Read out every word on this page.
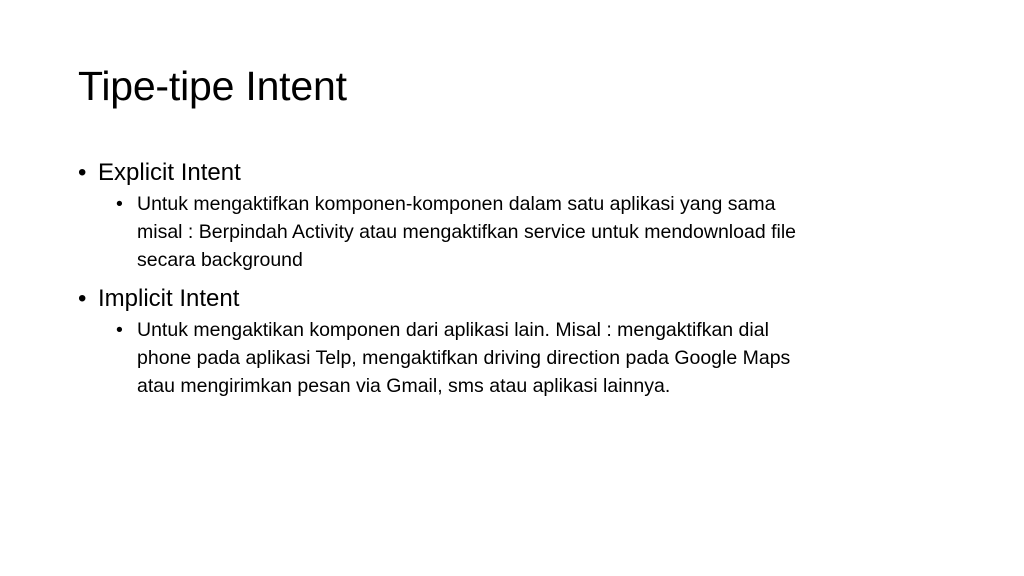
Tipe-tipe Intent
• Explicit Intent
• Untuk mengaktifkan komponen-komponen dalam satu aplikasi yang sama
misal : Berpindah Activity atau mengaktifkan service untuk mendownload file
secara background
• Implicit Intent
• Untuk mengaktikan komponen dari aplikasi lain. Misal : mengaktifkan dial
phone pada aplikasi Telp, mengaktifkan driving direction pada Google Maps
atau mengirimkan pesan via Gmail, sms atau aplikasi lainnya.
